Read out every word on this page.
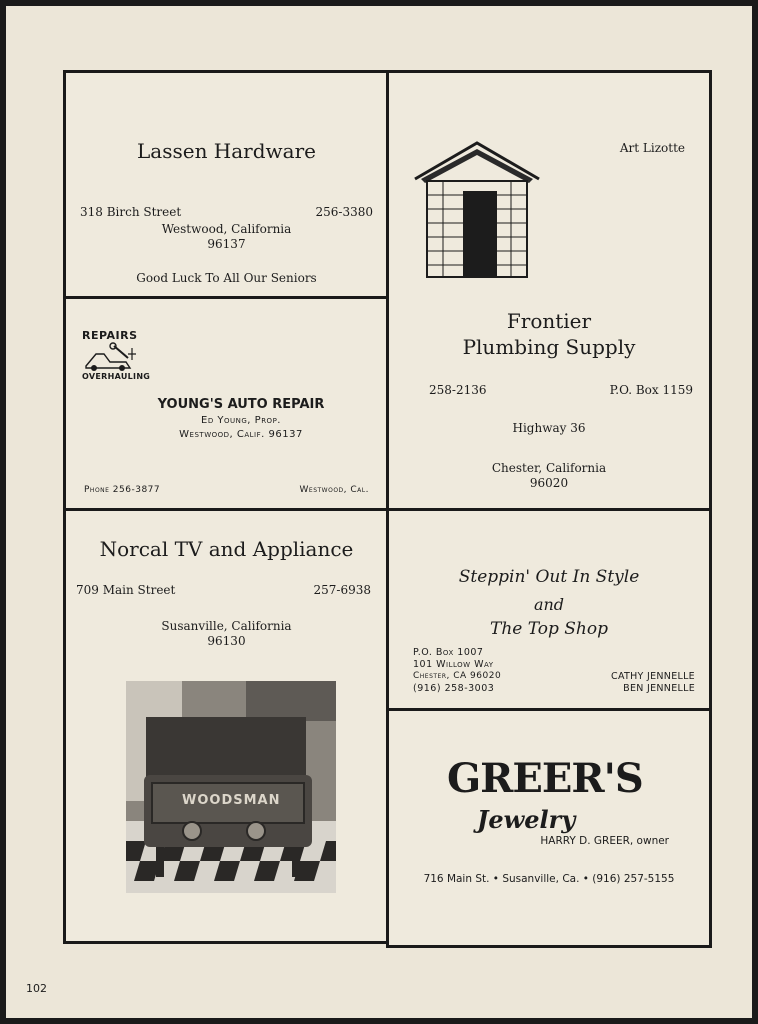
Lassen Hardware
318 Birch Street	256-3380
Westwood, California
96137
Good Luck To All Our Seniors
REPAIRS
OVERHAULING
YOUNG'S AUTO REPAIR
Ed Young, Prop.
Westwood, Calif. 96137
Phone 256-3877	Westwood, Cal.
Art Lizotte
Frontier
Plumbing Supply
258-2136	P.O. Box 1159
Highway 36
Chester, California
96020
Norcal TV and Appliance
709 Main Street	257-6938
Susanville, California
96130
WOODSMAN
Steppin' Out In Style
and
The Top Shop
P.O. Box 1007
101 Willow Way
Chester, CA 96020
(916) 258-3003
CATHY JENNELLE
BEN JENNELLE
GREER'S
Jewelry
HARRY D. GREER, owner
716 Main St. • Susanville, Ca. • (916) 257-5155
102
